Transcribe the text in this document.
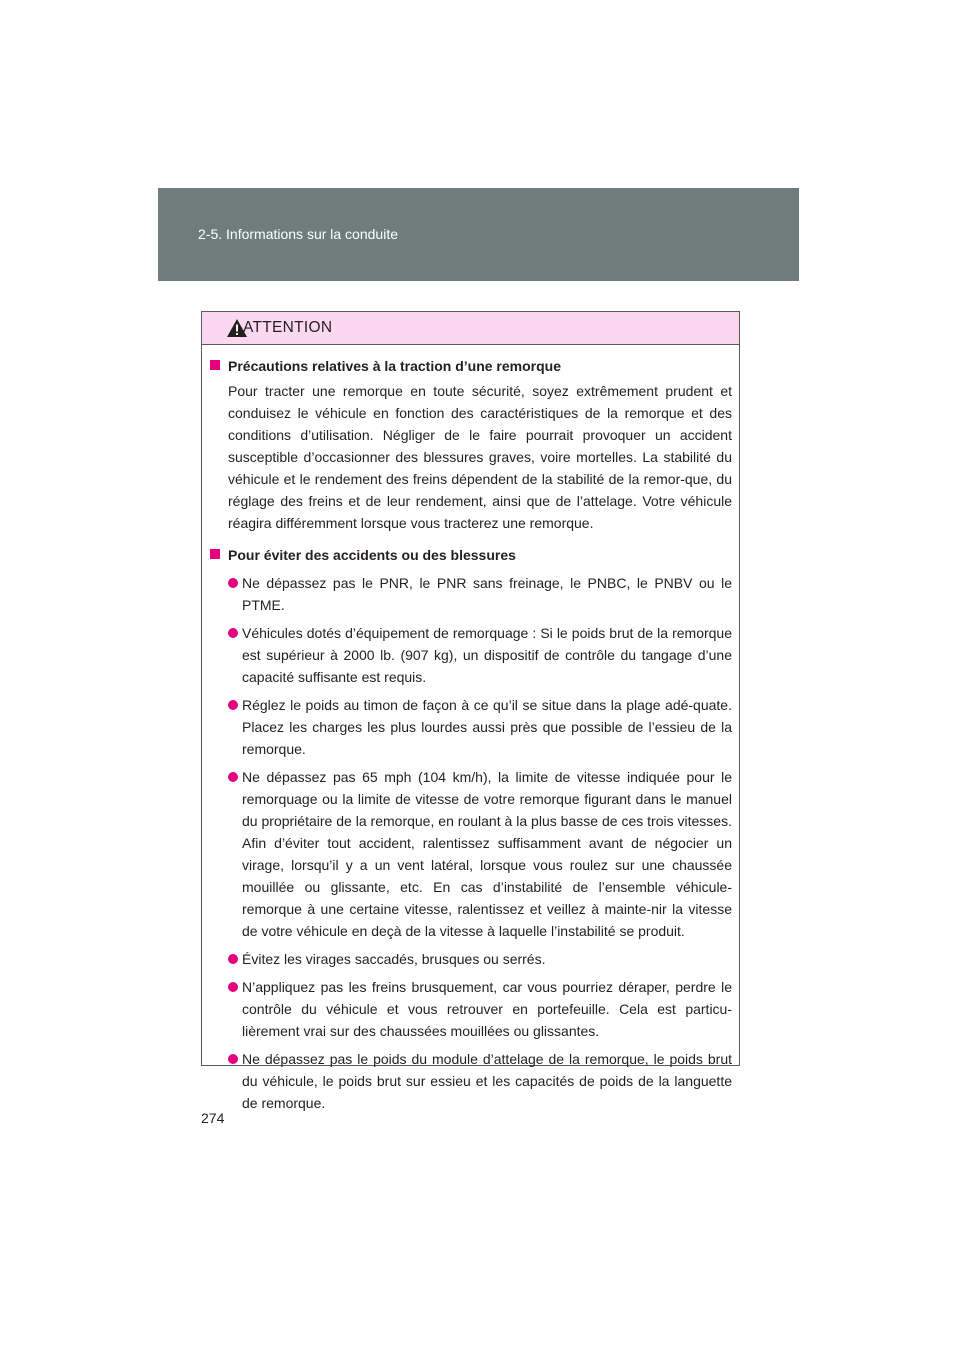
2-5. Informations sur la conduite
ATTENTION

Précautions relatives à la traction d’une remorque

Pour tracter une remorque en toute sécurité, soyez extrêmement prudent et conduisez le véhicule en fonction des caractéristiques de la remorque et des conditions d’utilisation. Négliger de le faire pourrait provoquer un accident susceptible d’occasionner des blessures graves, voire mortelles. La stabilité du véhicule et le rendement des freins dépendent de la stabilité de la remor-que, du réglage des freins et de leur rendement, ainsi que de l’attelage. Votre véhicule réagira différemment lorsque vous tracterez une remorque.

Pour éviter des accidents ou des blessures

Ne dépassez pas le PNR, le PNR sans freinage, le PNBC, le PNBV ou le PTME.
Véhicules dotés d’équipement de remorquage : Si le poids brut de la remorque est supérieur à 2000 lb. (907 kg), un dispositif de contrôle du tangage d’une capacité suffisante est requis.
Réglez le poids au timon de façon à ce qu’il se situe dans la plage adé-quate. Placez les charges les plus lourdes aussi près que possible de l’essieu de la remorque.
Ne dépassez pas 65 mph (104 km/h), la limite de vitesse indiquée pour le remorquage ou la limite de vitesse de votre remorque figurant dans le manuel du propriétaire de la remorque, en roulant à la plus basse de ces trois vitesses. Afin d’éviter tout accident, ralentissez suffisamment avant de négocier un virage, lorsqu’il y a un vent latéral, lorsque vous roulez sur une chaussée mouillée ou glissante, etc. En cas d’instabilité de l’ensemble véhicule-remorque à une certaine vitesse, ralentissez et veillez à mainte-nir la vitesse de votre véhicule en deçà de la vitesse à laquelle l’instabilité se produit.
Évitez les virages saccadés, brusques ou serrés.
N’appliquez pas les freins brusquement, car vous pourriez déraper, perdre le contrôle du véhicule et vous retrouver en portefeuille. Cela est particu-lièrement vrai sur des chaussées mouillées ou glissantes.
Ne dépassez pas le poids du module d’attelage de la remorque, le poids brut du véhicule, le poids brut sur essieu et les capacités de poids de la languette de remorque.
274
